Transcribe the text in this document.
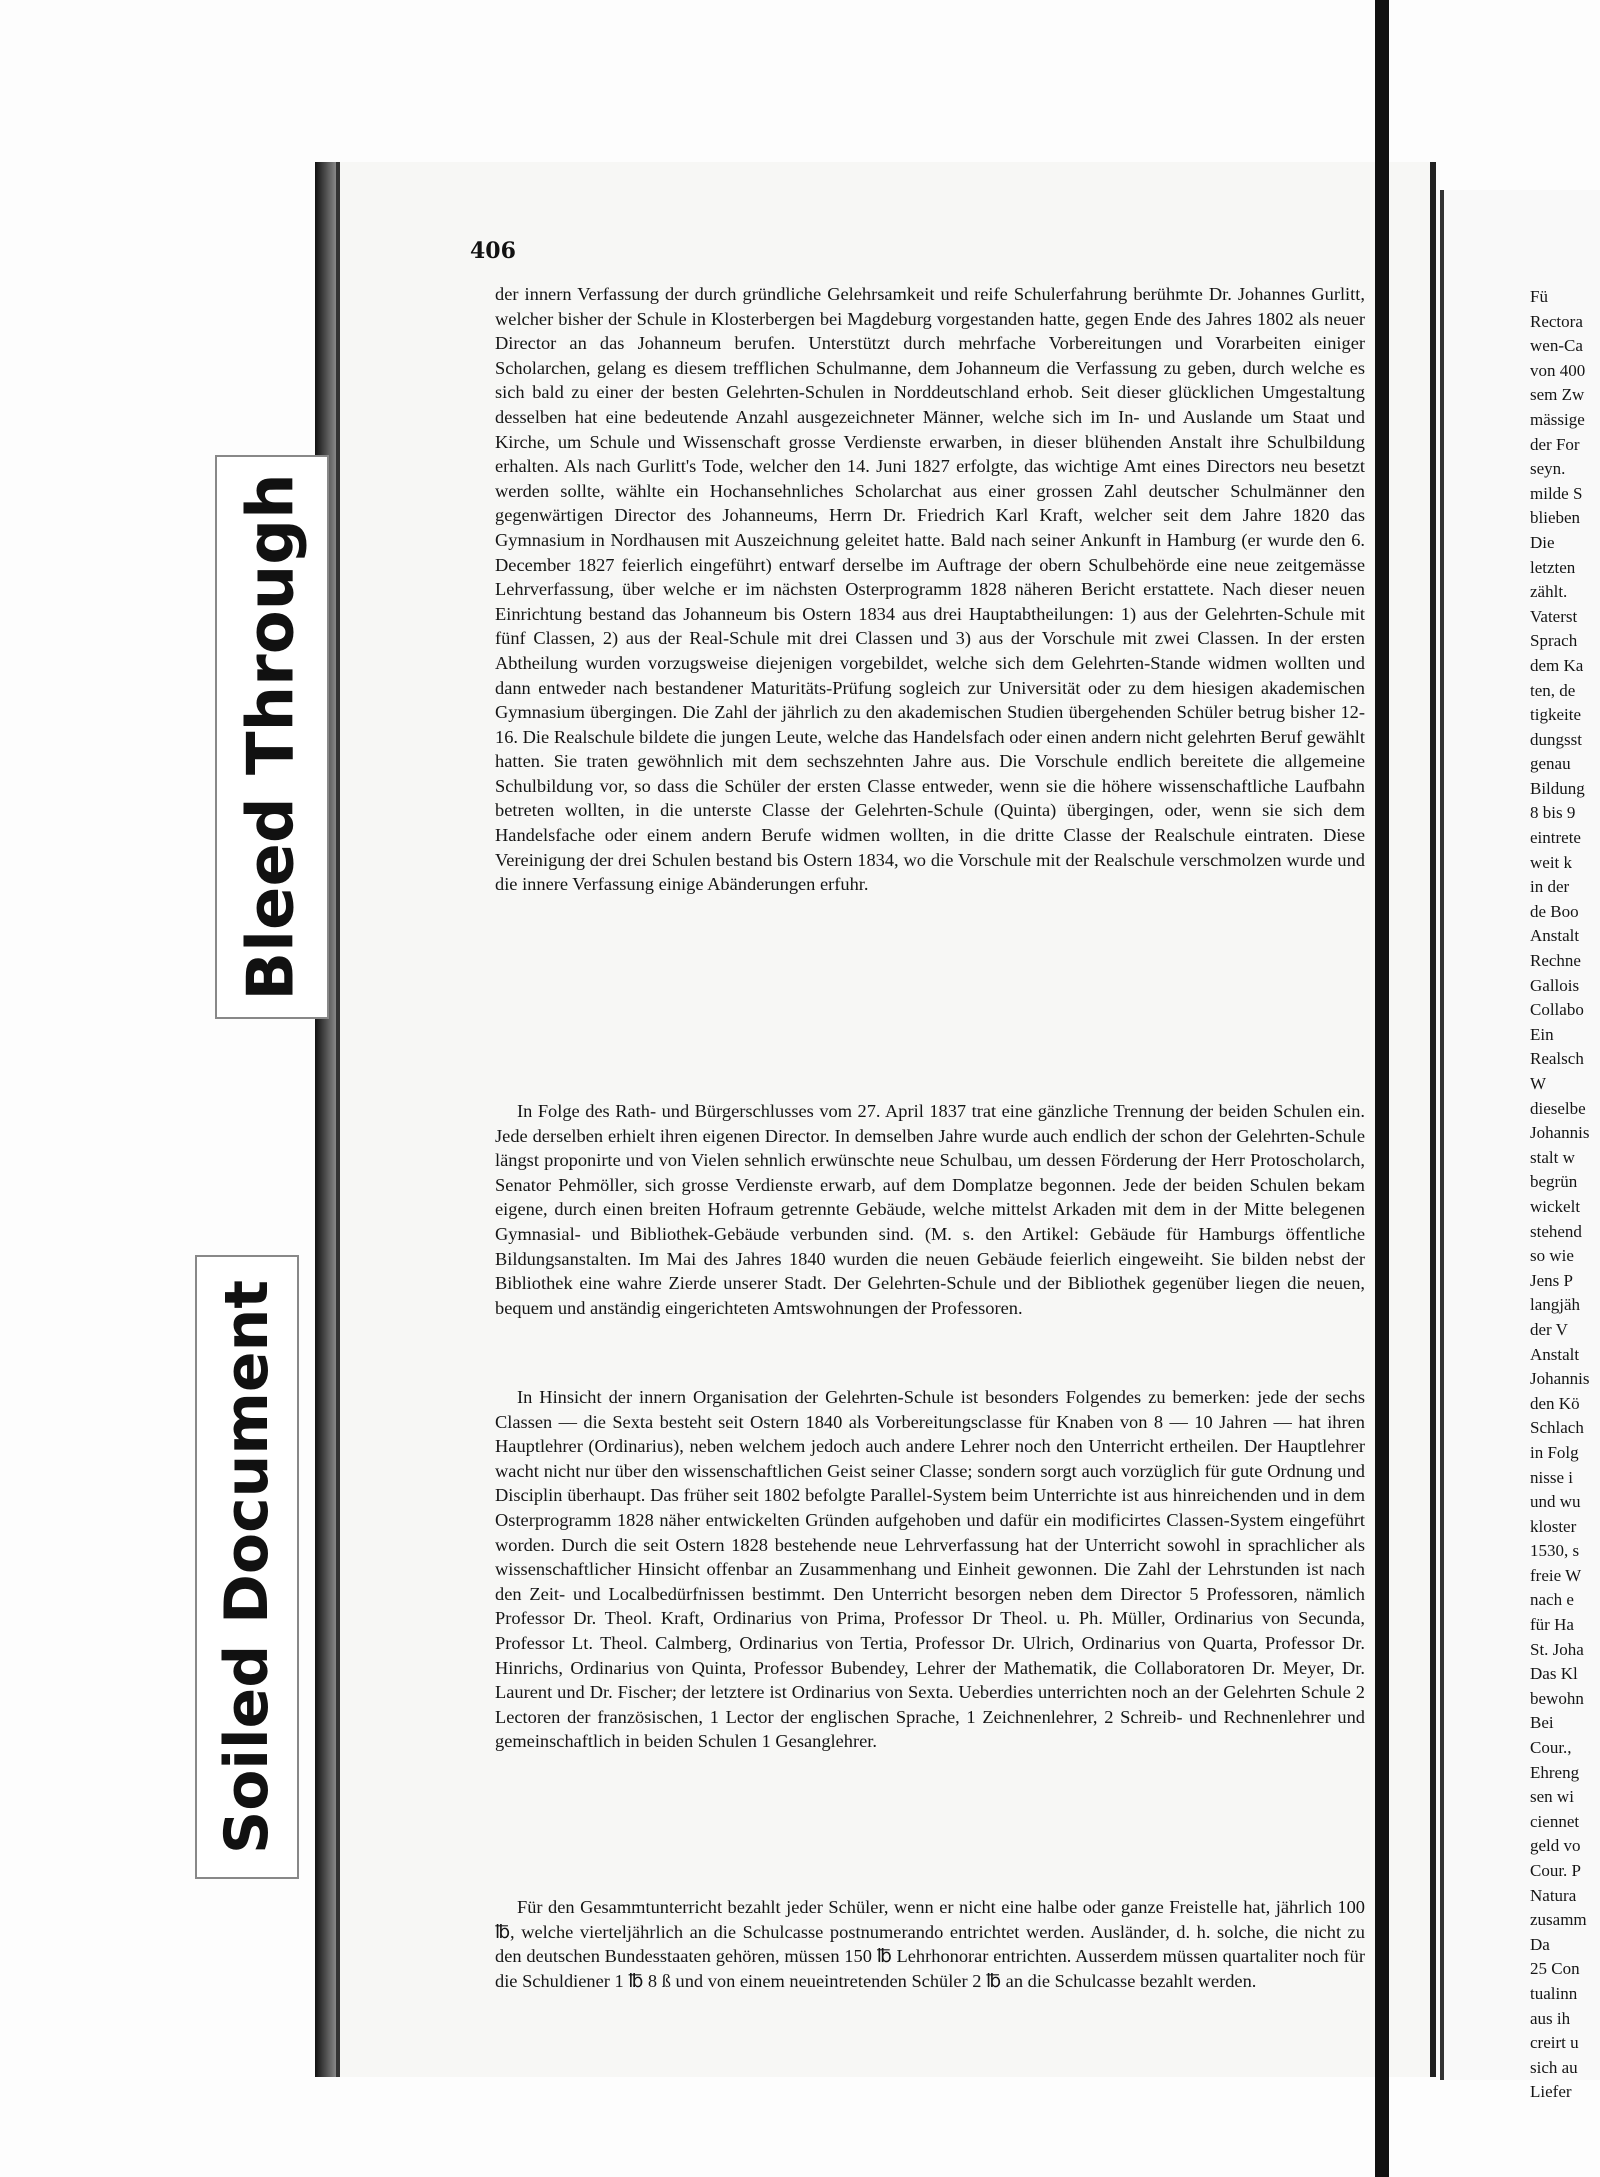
Bleed Through
Soiled Document
406

der innern Verfassung der durch gründliche Gelehrsamkeit und reife Schulerfahrung berühmte Dr. Johannes Gurlitt, welcher bisher der Schule in Klosterbergen bei Magdeburg vorgestanden hatte, gegen Ende des Jahres 1802 als neuer Director an das Johanneum berufen. Unterstützt durch mehrfache Vorbereitungen und Vorarbeiten einiger Scholarchen, gelang es diesem trefflichen Schulmanne, dem Johanneum die Verfassung zu geben, durch welche es sich bald zu einer der besten Gelehrten-Schulen in Norddeutschland erhob. Seit dieser glücklichen Umgestaltung desselben hat eine bedeutende Anzahl ausgezeichneter Männer, welche sich im In- und Auslande um Staat und Kirche, um Schule und Wissenschaft grosse Verdienste erwarben, in dieser blühenden Anstalt ihre Schulbildung erhalten. Als nach Gurlitt's Tode, welcher den 14. Juni 1827 erfolgte, das wichtige Amt eines Directors neu besetzt werden sollte, wählte ein Hochansehnliches Scholarchat aus einer grossen Zahl deutscher Schulmänner den gegenwärtigen Director des Johanneums, Herrn Dr. Friedrich Karl Kraft, welcher seit dem Jahre 1820 das Gymnasium in Nordhausen mit Auszeichnung geleitet hatte. Bald nach seiner Ankunft in Hamburg (er wurde den 6. December 1827 feierlich eingeführt) entwarf derselbe im Auftrage der obern Schulbehörde eine neue zeitgemässe Lehrverfassung, über welche er im nächsten Osterprogramm 1828 näheren Bericht erstattete. Nach dieser neuen Einrichtung bestand das Johanneum bis Ostern 1834 aus drei Hauptabtheilungen: 1) aus der Gelehrten-Schule mit fünf Classen, 2) aus der Real-Schule mit drei Classen und 3) aus der Vorschule mit zwei Classen. In der ersten Abtheilung wurden vorzugsweise diejenigen vorgebildet, welche sich dem Gelehrten-Stande widmen wollten und dann entweder nach bestandener Maturitäts-Prüfung sogleich zur Universität oder zu dem hiesigen akademischen Gymnasium übergingen. Die Zahl der jährlich zu den akademischen Studien übergehenden Schüler betrug bisher 12-16. Die Realschule bildete die jungen Leute, welche das Handelsfach oder einen andern nicht gelehrten Beruf gewählt hatten. Sie traten gewöhnlich mit dem sechszehnten Jahre aus. Die Vorschule endlich bereitete die allgemeine Schulbildung vor, so dass die Schüler der ersten Classe entweder, wenn sie die höhere wissenschaftliche Laufbahn betreten wollten, in die unterste Classe der Gelehrten-Schule (Quinta) übergingen, oder, wenn sie sich dem Handelsfache oder einem andern Berufe widmen wollten, in die dritte Classe der Realschule eintraten. Diese Vereinigung der drei Schulen bestand bis Ostern 1834, wo die Vorschule mit der Realschule verschmolzen wurde und die innere Verfassung einige Abänderungen erfuhr.

In Folge des Rath- und Bürgerschlusses vom 27. April 1837 trat eine gänzliche Trennung der beiden Schulen ein. Jede derselben erhielt ihren eigenen Director. In demselben Jahre wurde auch endlich der schon der Gelehrten-Schule längst proponirte und von Vielen sehnlich erwünschte neue Schulbau, um dessen Förderung der Herr Protoscholarch, Senator Pehmöller, sich grosse Verdienste erwarb, auf dem Domplatze begonnen. Jede der beiden Schulen bekam eigene, durch einen breiten Hofraum getrennte Gebäude, welche mittelst Arkaden mit dem in der Mitte belegenen Gymnasial- und Bibliothek-Gebäude verbunden sind. (M. s. den Artikel: Gebäude für Hamburgs öffentliche Bildungsanstalten. Im Mai des Jahres 1840 wurden die neuen Gebäude feierlich eingeweiht. Sie bilden nebst der Bibliothek eine wahre Zierde unserer Stadt. Der Gelehrten-Schule und der Bibliothek gegenüber liegen die neuen, bequem und anständig eingerichteten Amtswohnungen der Professoren.

In Hinsicht der innern Organisation der Gelehrten-Schule ist besonders Folgendes zu bemerken: jede der sechs Classen — die Sexta besteht seit Ostern 1840 als Vorbereitungsclasse für Knaben von 8 — 10 Jahren — hat ihren Hauptlehrer (Ordinarius), neben welchem jedoch auch andere Lehrer noch den Unterricht ertheilen. Der Hauptlehrer wacht nicht nur über den wissenschaftlichen Geist seiner Classe; sondern sorgt auch vorzüglich für gute Ordnung und Disciplin überhaupt. Das früher seit 1802 befolgte Parallel-System beim Unterrichte ist aus hinreichenden und in dem Osterprogramm 1828 näher entwickelten Gründen aufgehoben und dafür ein modificirtes Classen-System eingeführt worden. Durch die seit Ostern 1828 bestehende neue Lehrverfassung hat der Unterricht sowohl in sprachlicher als wissenschaftlicher Hinsicht offenbar an Zusammenhang und Einheit gewonnen. Die Zahl der Lehrstunden ist nach den Zeit- und Localbedürfnissen bestimmt. Den Unterricht besorgen neben dem Director 5 Professoren, nämlich Professor Dr. Theol. Kraft, Ordinarius von Prima, Professor Dr Theol. u. Ph. Müller, Ordinarius von Secunda, Professor Lt. Theol. Calmberg, Ordinarius von Tertia, Professor Dr. Ulrich, Ordinarius von Quarta, Professor Dr. Hinrichs, Ordinarius von Quinta, Professor Bubendey, Lehrer der Mathematik, die Collaboratoren Dr. Meyer, Dr. Laurent und Dr. Fischer; der letztere ist Ordinarius von Sexta. Ueberdies unterrichten noch an der Gelehrten Schule 2 Lectoren der französischen, 1 Lector der englischen Sprache, 1 Zeichnenlehrer, 2 Schreib- und Rechnenlehrer und gemeinschaftlich in beiden Schulen 1 Gesanglehrer.

Für den Gesammtunterricht bezahlt jeder Schüler, wenn er nicht eine halbe oder ganze Freistelle hat, jährlich 100 ℔, welche vierteljährlich an die Schulcasse postnumerando entrichtet werden. Ausländer, d. h. solche, die nicht zu den deutschen Bundesstaaten gehören, müssen 150 ℔ Lehrhonorar entrichten. Ausserdem müssen quartaliter noch für die Schuldiener 1 ℔ 8 ß und von einem neueintretenden Schüler 2 ℔ an die Schulcasse bezahlt werden.

Fü
Rectora
wen-Ca
von 400
sem Zw
mässige
der For
seyn.
milde S
blieben
Die
letzten
zählt.
Vaterst
Sprach
dem Ka
ten, de
tigkeite
dungsst
genau
Bildung
8 bis 9
eintrete
weit k
in der
de Boo
Anstalt
Rechne
Gallois
Collabo
Ein
Realsch
W
dieselbe
Johannis
stalt w
begrün
wickelt
stehend
so wie
Jens P
langjäh
der V
Anstalt
Johannis
den Kö
Schlach
in Folg
nisse i
und wu
kloster
1530, s
freie W
nach e
für Ha
St. Joha
Das Kl
bewohn
Bei
Cour.,
Ehreng
sen wi
ciennet
geld vo
Cour. P
Natura
zusamm
Da
25 Con
tualinn
aus ih
creirt u
sich au
Liefer
